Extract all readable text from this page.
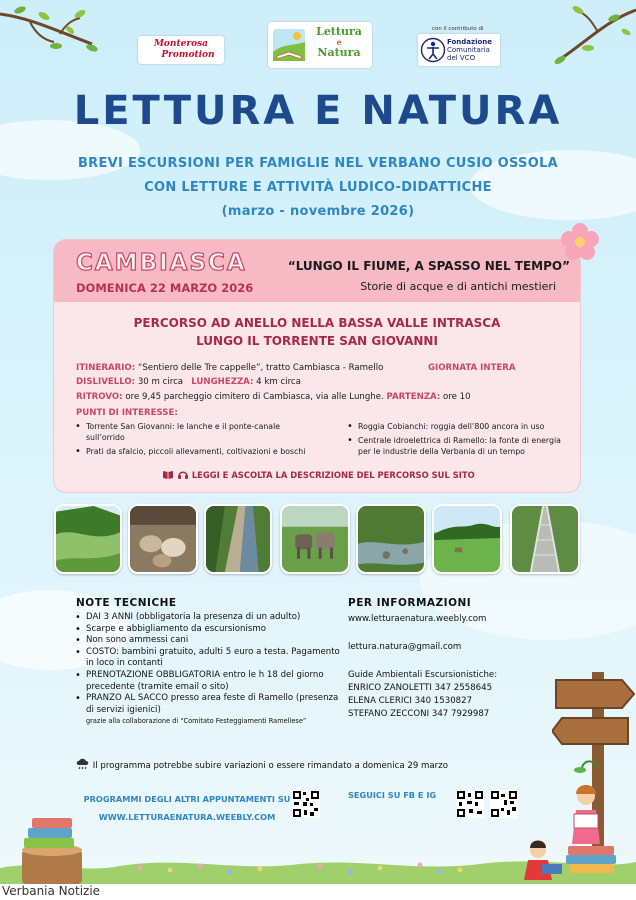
Monterosa
Promotion
Lettura
e
Natura
con il contributo di
Fondazione
Comunitaria
del VCO
LETTURA E NATURA
BREVI ESCURSIONI PER FAMIGLIE NEL VERBANO CUSIO OSSOLA
CON LETTURE E ATTIVITÀ LUDICO-DIDATTICHE
(marzo - novembre 2026)
CAMBIASCA
DOMENICA 22 MARZO 2026
“LUNGO IL FIUME, A SPASSO NEL TEMPO”
Storie di acque e di antichi mestieri
PERCORSO AD ANELLO NELLA BASSA VALLE INTRASCA
LUNGO IL TORRENTE SAN GIOVANNI
ITINERARIO: “Sentiero delle Tre cappelle”, tratto Cambiasca - Ramello	GIORNATA INTERA
DISLIVELLO: 30 m circa LUNGHEZZA: 4 km circa
RITROVO: ore 9,45 parcheggio cimitero di Cambiasca, via alle Lunghe. PARTENZA: ore 10
PUNTI DI INTERESSE:
• Torrente San Giovanni: le lanche e il ponte-canale sull’orrido
• Prati da sfalcio, piccoli allevamenti, coltivazioni e boschi
• Roggia Cobianchi: roggia dell’800 ancora in uso
• Centrale idroelettrica di Ramello: la fonte di energia per le industrie della Verbania di un tempo
LEGGI E ASCOLTA LA DESCRIZIONE DEL PERCORSO SUL SITO
NOTE TECNICHE
• DAI 3 ANNI (obbligatoria la presenza di un adulto)
• Scarpe e abbigliamento da escursionismo
• Non sono ammessi cani
• COSTO: bambini gratuito, adulti 5 euro a testa. Pagamento in loco in contanti
• PRENOTAZIONE OBBLIGATORIA entro le h 18 del giorno precedente (tramite email o sito)
• PRANZO AL SACCO presso area feste di Ramello (presenza di servizi igienici)
grazie alla collaborazione di “Comitato Festeggiamenti Ramellese”
PER INFORMAZIONI
www.letturaenatura.weebly.com
lettura.natura@gmail.com
Guide Ambientali Escursionistiche:
ENRICO ZANOLETTI 347 2558645
ELENA CLERICI 340 1530827
STEFANO ZECCONI 347 7929987
Il programma potrebbe subire variazioni o essere rimandato a domenica 29 marzo
PROGRAMMI DEGLI ALTRI APPUNTAMENTI SU
WWW.LETTURAENATURA.WEEBLY.COM
SEGUICI SU FB E IG
Verbania Notizie
